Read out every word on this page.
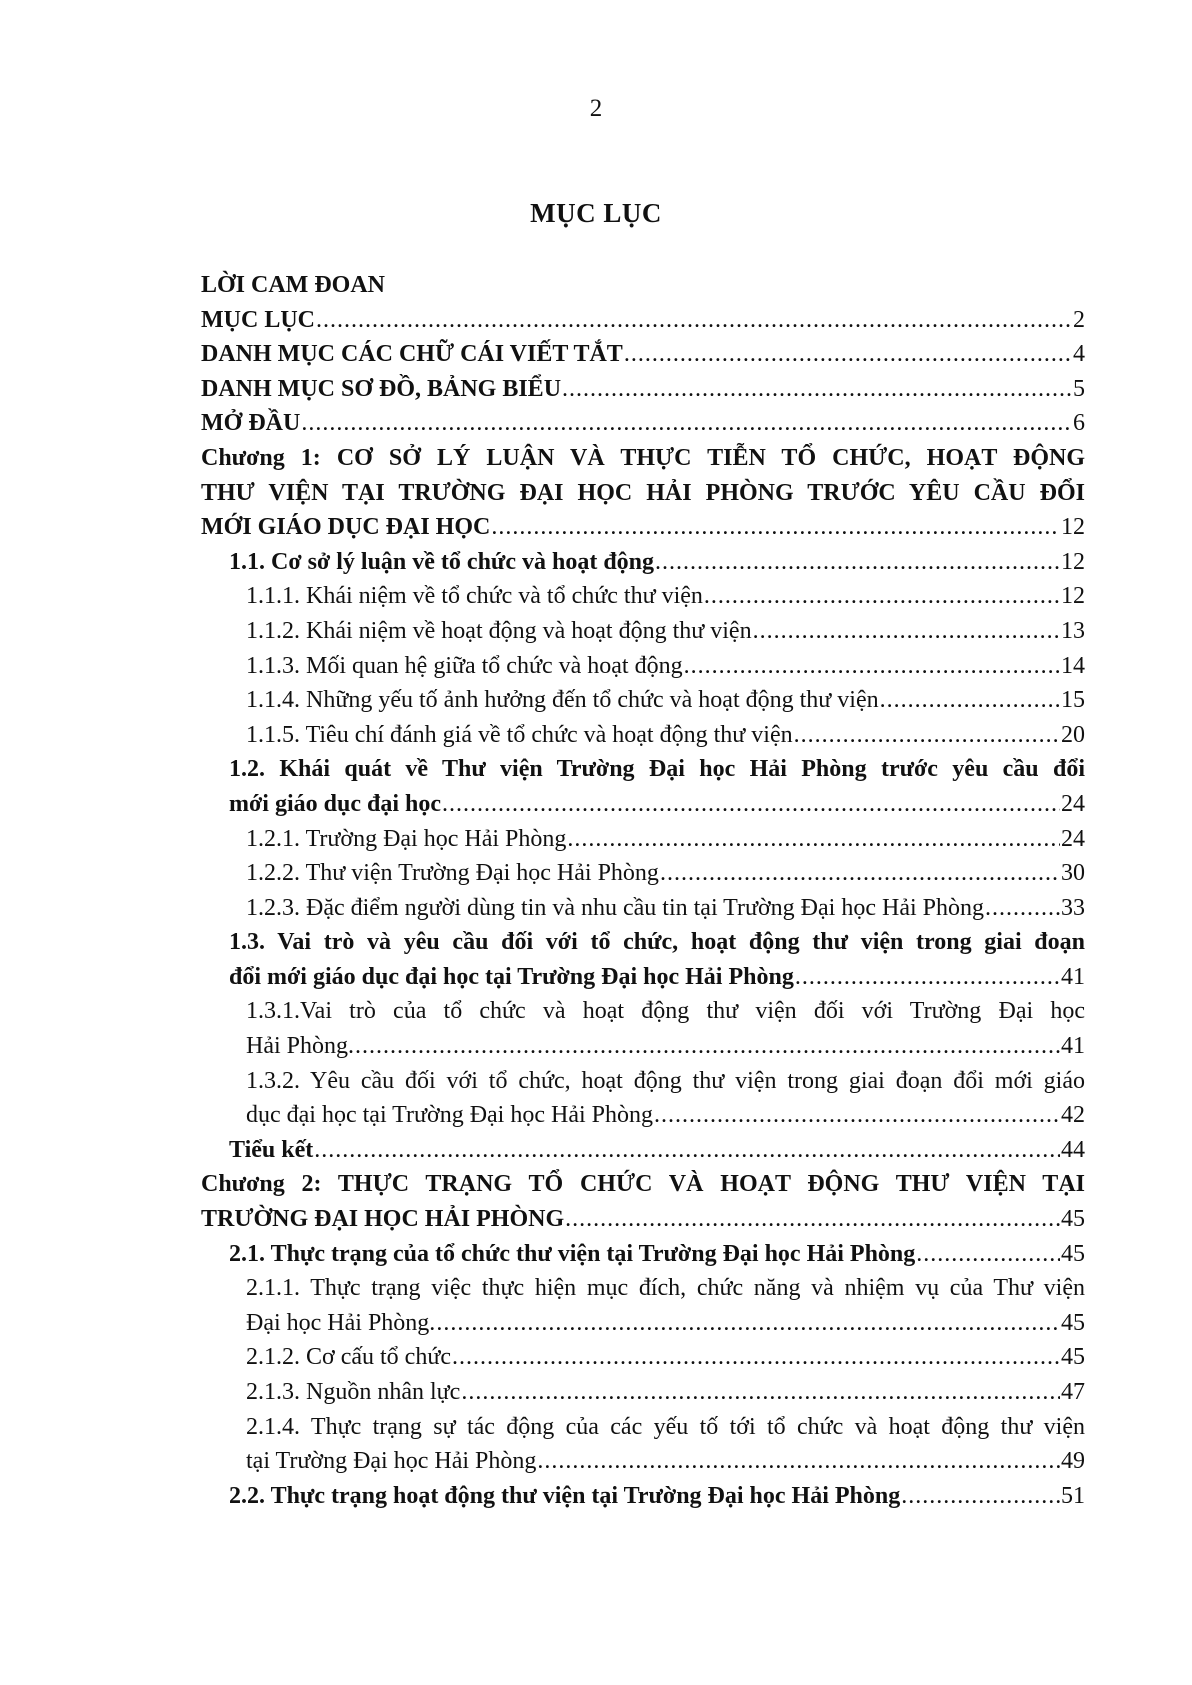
2
MỤC LỤC
LỜI CAM ĐOAN
MỤC LỤC .....	2
DANH MỤC CÁC CHỮ CÁI VIẾT TẮT .....	4
DANH MỤC SƠ ĐỒ, BẢNG BIỂU .....	5
MỞ ĐẦU .....	6
Chương 1: CƠ SỞ LÝ LUẬN VÀ THỰC TIỄN TỔ CHỨC, HOẠT ĐỘNG
THƯ VIỆN TẠI TRƯỜNG ĐẠI HỌC HẢI PHÒNG TRƯỚC YÊU CẦU ĐỔI
MỚI GIÁO DỤC ĐẠI HỌC .....	12
1.1. Cơ sở lý luận về tổ chức và hoạt động .....	12
1.1.1. Khái niệm về tổ chức và tổ chức thư viện .....	12
1.1.2. Khái niệm về hoạt động và hoạt động thư viện .....	13
1.1.3. Mối quan hệ giữa tổ chức và hoạt động .....	14
1.1.4. Những yếu tố ảnh hưởng đến tổ chức và hoạt động thư viện .....	15
1.1.5. Tiêu chí đánh giá về tổ chức và hoạt động thư viện .....	20
1.2. Khái quát về Thư viện Trường Đại học Hải Phòng trước yêu cầu đổi
mới giáo dục đại học .....	24
1.2.1. Trường Đại học Hải Phòng .....	24
1.2.2. Thư viện Trường Đại học Hải Phòng .....	30
1.2.3. Đặc điểm người dùng tin và nhu cầu tin tại Trường Đại học Hải Phòng .....	33
1.3. Vai trò và yêu cầu đối với tổ chức, hoạt động thư viện trong giai đoạn
đổi mới giáo dục đại học tại Trường Đại học Hải Phòng .....	41
1.3.1.Vai trò của tổ chức và hoạt động thư viện đối với Trường Đại học
Hải Phòng. .....	41
1.3.2. Yêu cầu đối với tổ chức, hoạt động thư viện trong giai đoạn đổi mới giáo
dục đại học tại Trường Đại học Hải Phòng .....	42
Tiểu kết .....	44
Chương 2: THỰC TRẠNG TỔ CHỨC VÀ HOẠT ĐỘNG THƯ VIỆN TẠI
TRƯỜNG ĐẠI HỌC HẢI PHÒNG .....	45
2.1. Thực trạng của tổ chức thư viện tại Trường Đại học Hải Phòng .....	45
2.1.1. Thực trạng việc thực hiện mục đích, chức năng và nhiệm vụ của Thư viện
Đại học Hải Phòng. .....	45
2.1.2. Cơ cấu tổ chức .....	45
2.1.3. Nguồn nhân lực .....	47
2.1.4. Thực trạng sự tác động của các yếu tố tới tổ chức và hoạt động thư viện
tại Trường Đại học Hải Phòng .....	49
2.2. Thực trạng hoạt động thư viện tại Trường Đại học Hải Phòng .....	51
